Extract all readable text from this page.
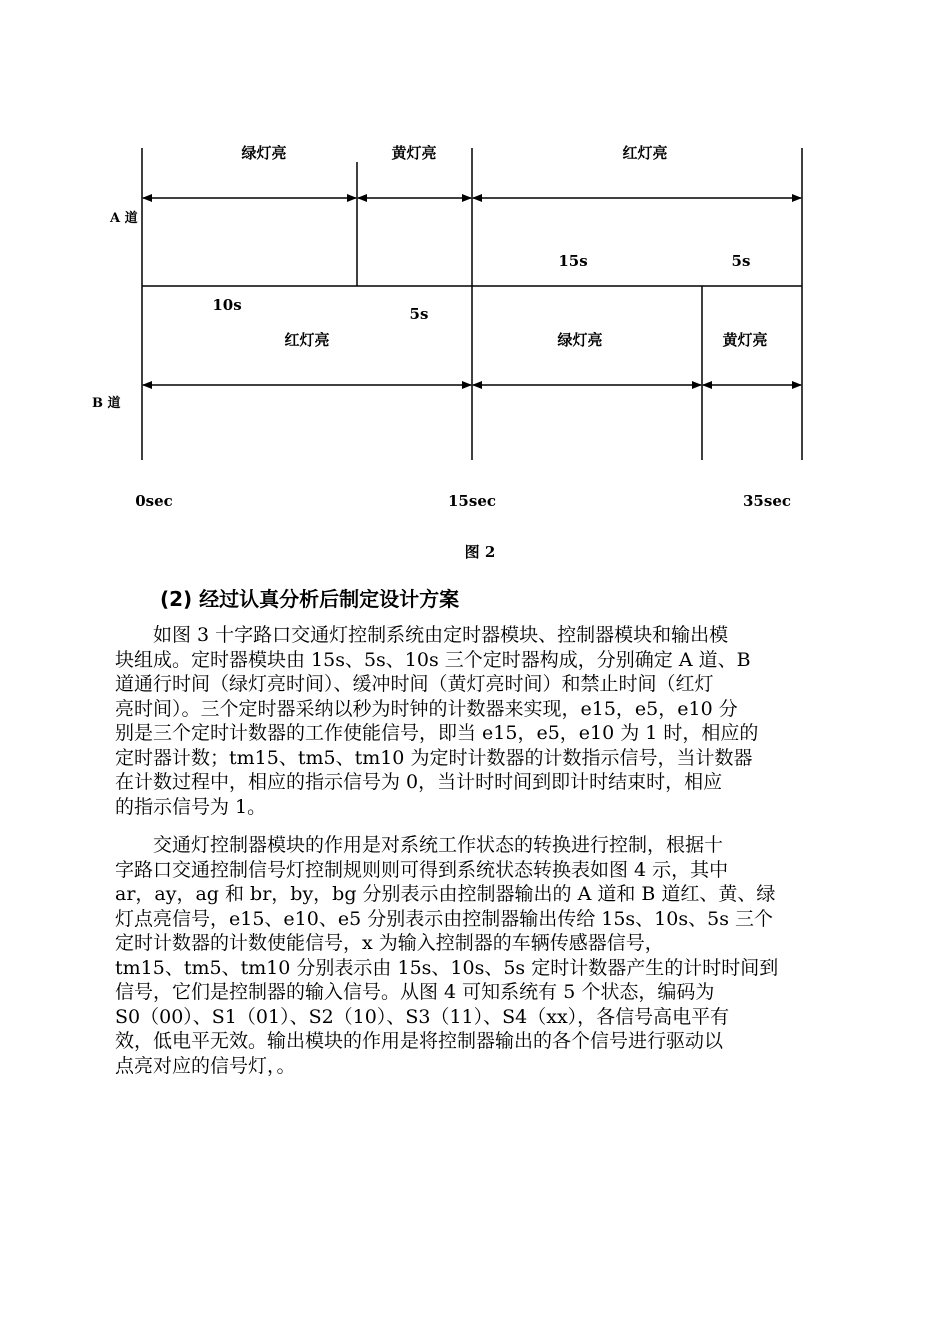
绿灯亮	黄灯亮	红灯亮
A 道
15s	5s
10s	5s
红灯亮	绿灯亮	黄灯亮
B 道
0sec	15sec	35sec
图 2
(2) 经过认真分析后制定设计方案

　　如图 3 十字路口交通灯控制系统由定时器模块、控制器模块和输出模
块组成。定时器模块由 15s、5s、10s 三个定时器构成，分别确定 A 道、B
道通行时间（绿灯亮时间）、缓冲时间（黄灯亮时间）和禁止时间（红灯
亮时间）。三个定时器采纳以秒为时钟的计数器来实现，e15，e5，e10 分
别是三个定时计数器的工作使能信号，即当 e15，e5，e10 为 1 时，相应的
定时器计数；tm15、tm5、tm10 为定时计数器的计数指示信号，当计数器
在计数过程中，相应的指示信号为 0，当计时时间到即计时结束时，相应
的指示信号为 1。

　　交通灯控制器模块的作用是对系统工作状态的转换进行控制，根据十
字路口交通控制信号灯控制规则则可得到系统状态转换表如图 4 示，其中
ar，ay，ag 和 br，by，bg 分别表示由控制器输出的 A 道和 B 道红、黄、绿
灯点亮信号，e15、e10、e5 分别表示由控制器输出传给 15s、10s、5s 三个
定时计数器的计数使能信号，x 为输入控制器的车辆传感器信号，
tm15、tm5、tm10 分别表示由 15s、10s、5s 定时计数器产生的计时时间到
信号，它们是控制器的输入信号。从图 4 可知系统有 5 个状态，编码为
S0（00）、S1（01）、S2（10）、S3（11）、S4（xx），各信号高电平有
效，低电平无效。输出模块的作用是将控制器输出的各个信号进行驱动以
点亮对应的信号灯，。
